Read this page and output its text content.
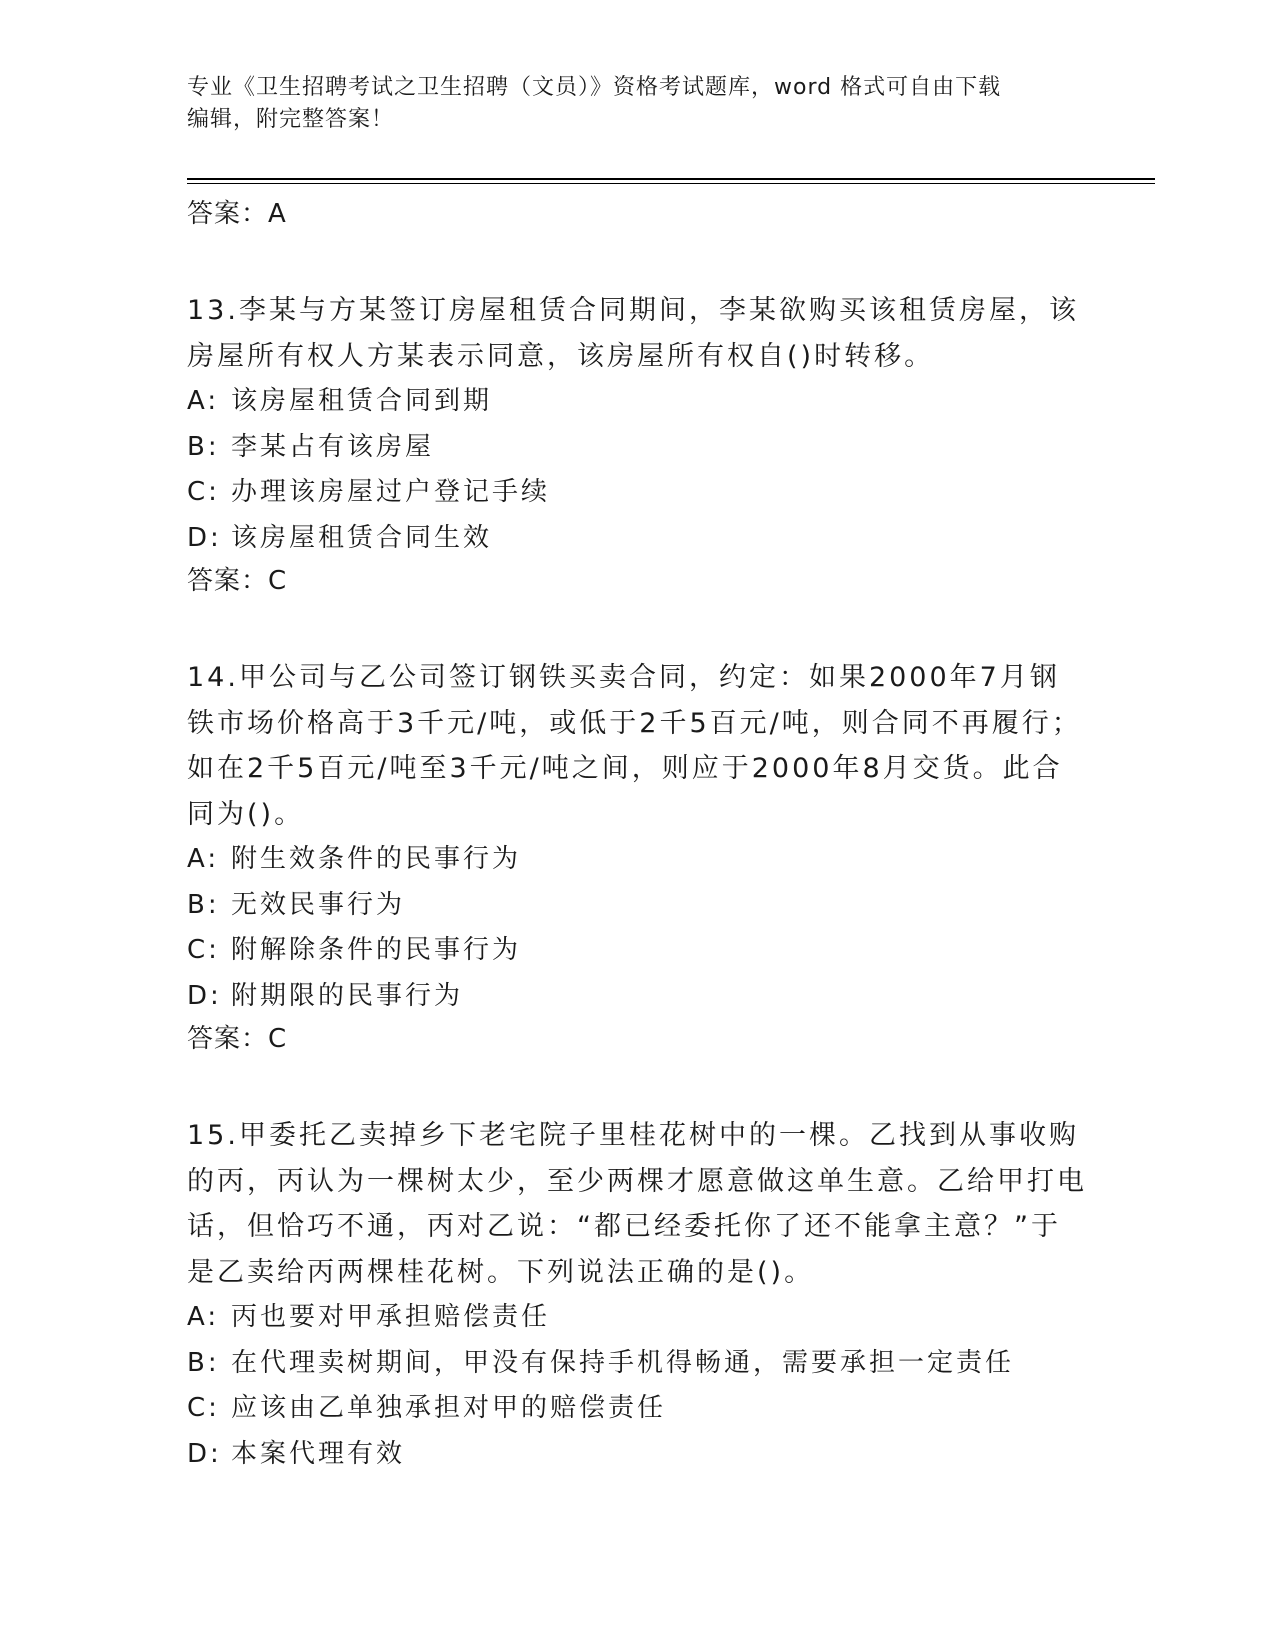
专业《卫生招聘考试之卫生招聘（文员）》资格考试题库，word 格式可自由下载
编辑，附完整答案！
答案：A
13.李某与方某签订房屋租赁合同期间，李某欲购买该租赁房屋，该房屋所有权人方某表示同意，该房屋所有权自()时转移。
A: 该房屋租赁合同到期
B: 李某占有该房屋
C: 办理该房屋过户登记手续
D: 该房屋租赁合同生效
答案：C
14.甲公司与乙公司签订钢铁买卖合同，约定：如果2000年7月钢铁市场价格高于3千元/吨，或低于2千5百元/吨，则合同不再履行；如在2千5百元/吨至3千元/吨之间，则应于2000年8月交货。此合同为()。
A: 附生效条件的民事行为
B: 无效民事行为
C: 附解除条件的民事行为
D: 附期限的民事行为
答案：C
15.甲委托乙卖掉乡下老宅院子里桂花树中的一棵。乙找到从事收购的丙，丙认为一棵树太少，至少两棵才愿意做这单生意。乙给甲打电话，但恰巧不通，丙对乙说：“都已经委托你了还不能拿主意？”于是乙卖给丙两棵桂花树。下列说法正确的是()。
A: 丙也要对甲承担赔偿责任
B: 在代理卖树期间，甲没有保持手机得畅通，需要承担一定责任
C: 应该由乙单独承担对甲的赔偿责任
D: 本案代理有效
